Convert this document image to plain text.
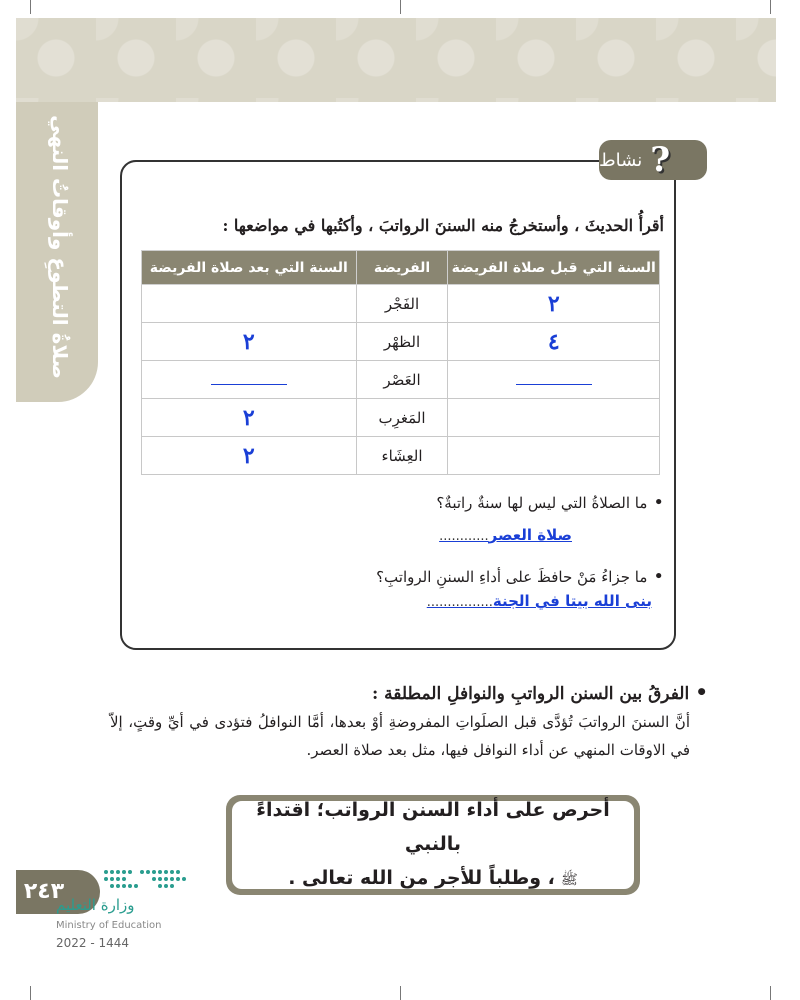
صلاةُ التطوعِ وأوقاتُ النهي	?
نشاط
أقرأُ الحديثَ ، وأستخرجُ منه السننَ الرواتبَ ، وأكتُبها في مواضعها :
السنة التي قبل صلاة الفريضة	الفريضة	السنة التي بعد صلاة الفريضة
٢	الفَجْر	
٤	الظهْر	٢
	العَصْر	
	المَغرِب	٢
	العِشَاء	٢
•ما الصلاةُ التي ليس لها سنةٌ راتبةٌ؟
صلاة العصر............
•ما جزاءُ مَنْ حافظَ على أداءِ السننِ الرواتبِ؟
بنى الله بيتا في الجنة................
•الفرقُ بين السنن الرواتبِ والنوافلِ المطلقة :
أنَّ السننَ الرواتبَ تُؤدَّى قبل الصلَواتِ المفروضةِ أوْ بعدها، أمَّا النوافلُ فتؤدى في أيِّ وقتٍ، إلاّ في الاوقات المنهي عن أداء النوافل فيها، مثل بعد صلاة العصر.
أحرص على أداء السنن الرواتب؛ اقتداءً بالنبي
ﷺ، وطلباً للأجر من الله تعالى .
٢٤٣
وزارة التعليم
Ministry of Education
2022 - 1444
